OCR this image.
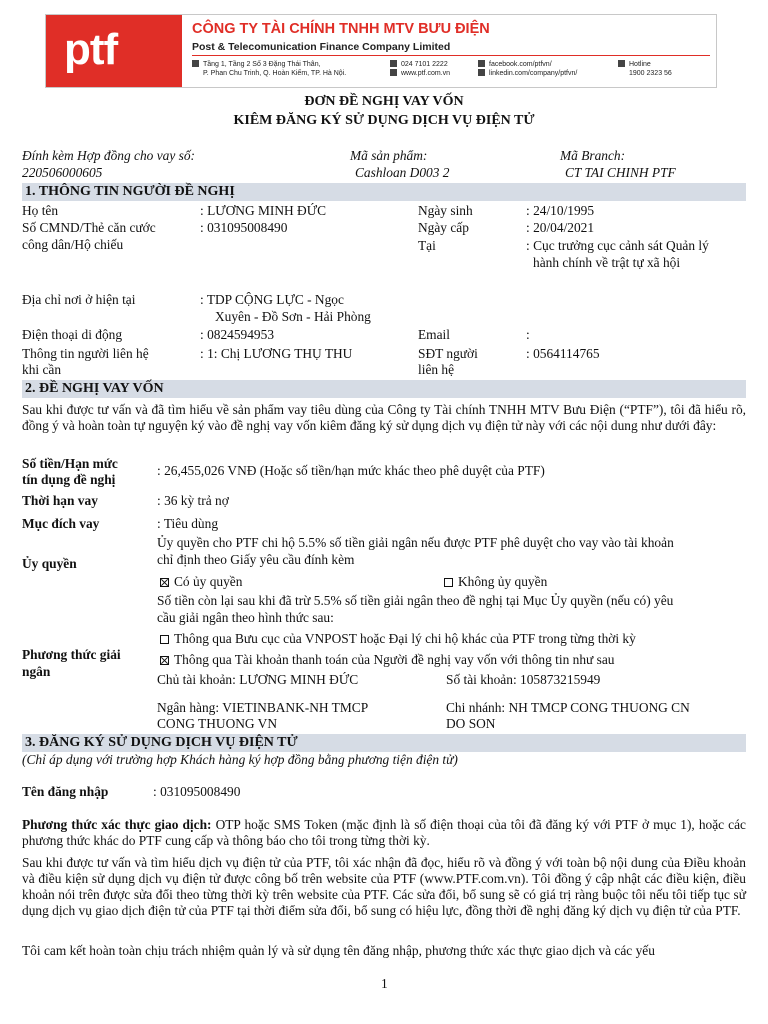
ptf	CÔNG TY TÀI CHÍNH TNHH MTV BƯU ĐIỆN
Post & Telecomunication Finance Company Limited
Tầng 1, Tầng 2 Số 3 Đặng Thái Thân,
P. Phan Chu Trinh, Q. Hoàn Kiếm, TP. Hà Nội.
024 7101 2222
www.ptf.com.vn
facebook.com/ptfvn/
linkedin.com/company/ptfvn/
Hotline
1900 2323 56
ĐƠN ĐỀ NGHỊ VAY VỐN
KIÊM ĐĂNG KÝ SỬ DỤNG DỊCH VỤ ĐIỆN TỬ
Đính kèm Hợp đồng cho vay số:
220506000605
Mã sản phẩm:
Cashloan D003 2
Mã Branch:
CT TAI CHINH PTF
1. THÔNG TIN NGƯỜI ĐỀ NGHỊ
Họ tên	: LƯƠNG MINH ĐỨC	Ngày sinh	: 24/10/1995
Số CMND/Thẻ căn cước
công dân/Hộ chiếu
: 031095008490	Ngày cấp	: 20/04/2021
Tại	: Cục trưởng cục cảnh sát Quản lý
hành chính về trật tự xã hội
Địa chỉ nơi ở hiện tại	: TDP CỘNG LỰC - Ngọc
Xuyên - Đồ Sơn - Hải Phòng
Điện thoại di động	: 0824594953	Email	:
Thông tin người liên hệ
khi cần
: 1: Chị LƯƠNG THỤ THU	SĐT người
liên hệ
: 0564114765
2. ĐỀ NGHỊ VAY VỐN
Sau khi được tư vấn và đã tìm hiểu về sản phẩm vay tiêu dùng của Công ty Tài chính TNHH MTV Bưu Điện (“PTF”), tôi đã hiểu rõ, đồng ý và hoàn toàn tự nguyện ký vào đề nghị vay vốn kiêm đăng ký sử dụng dịch vụ điện tử này với các nội dung như dưới đây:
Số tiền/Hạn mức
tín dụng đề nghị
: 26,455,026 VNĐ (Hoặc số tiền/hạn mức khác theo phê duyệt của PTF)
Thời hạn vay	: 36 kỳ trả nợ
Mục đích vay	: Tiêu dùng
Ủy quyền
Ủy quyền cho PTF chi hộ 5.5% số tiền giải ngân nếu được PTF phê duyệt cho vay vào tài khoản
chỉ định theo Giấy yêu cầu đính kèm
Có ủy quyền	Không ủy quyền
Phương thức giải
ngân
Số tiền còn lại sau khi đã trừ 5.5% số tiền giải ngân theo đề nghị tại Mục Ủy quyền (nếu có) yêu
cầu giải ngân theo hình thức sau:
Thông qua Bưu cục của VNPOST hoặc Đại lý chi hộ khác của PTF trong từng thời kỳ
Thông qua Tài khoản thanh toán của Người đề nghị vay vốn với thông tin như sau
Chủ tài khoản: LƯƠNG MINH ĐỨC	Số tài khoản: 105873215949
Ngân hàng: VIETINBANK-NH TMCP
CONG THUONG VN
Chi nhánh: NH TMCP CONG THUONG CN
DO SON
3. ĐĂNG KÝ SỬ DỤNG DỊCH VỤ ĐIỆN TỬ
(Chỉ áp dụng với trường hợp Khách hàng ký hợp đồng bằng phương tiện điện tử)
Tên đăng nhập	: 031095008490
Phương thức xác thực giao dịch: OTP hoặc SMS Token (mặc định là số điện thoại của tôi đã đăng ký với PTF ở mục 1), hoặc các phương thức khác do PTF cung cấp và thông báo cho tôi trong từng thời kỳ.
Sau khi được tư vấn và tìm hiểu dịch vụ điện tử của PTF, tôi xác nhận đã đọc, hiểu rõ và đồng ý với toàn bộ nội dung của Điều khoản và điều kiện sử dụng dịch vụ điện tử được công bố trên website của PTF (www.PTF.com.vn). Tôi đồng ý cập nhật các điều kiện, điều khoản nói trên được sửa đổi theo từng thời kỳ trên website của PTF. Các sửa đổi, bổ sung sẽ có giá trị ràng buộc tôi nếu tôi tiếp tục sử dụng dịch vụ giao dịch điện tử của PTF tại thời điểm sửa đổi, bổ sung có hiệu lực, đồng thời đề nghị đăng ký dịch vụ điện tử của PTF.
Tôi cam kết hoàn toàn chịu trách nhiệm quản lý và sử dụng tên đăng nhập, phương thức xác thực giao dịch và các yếu
1
